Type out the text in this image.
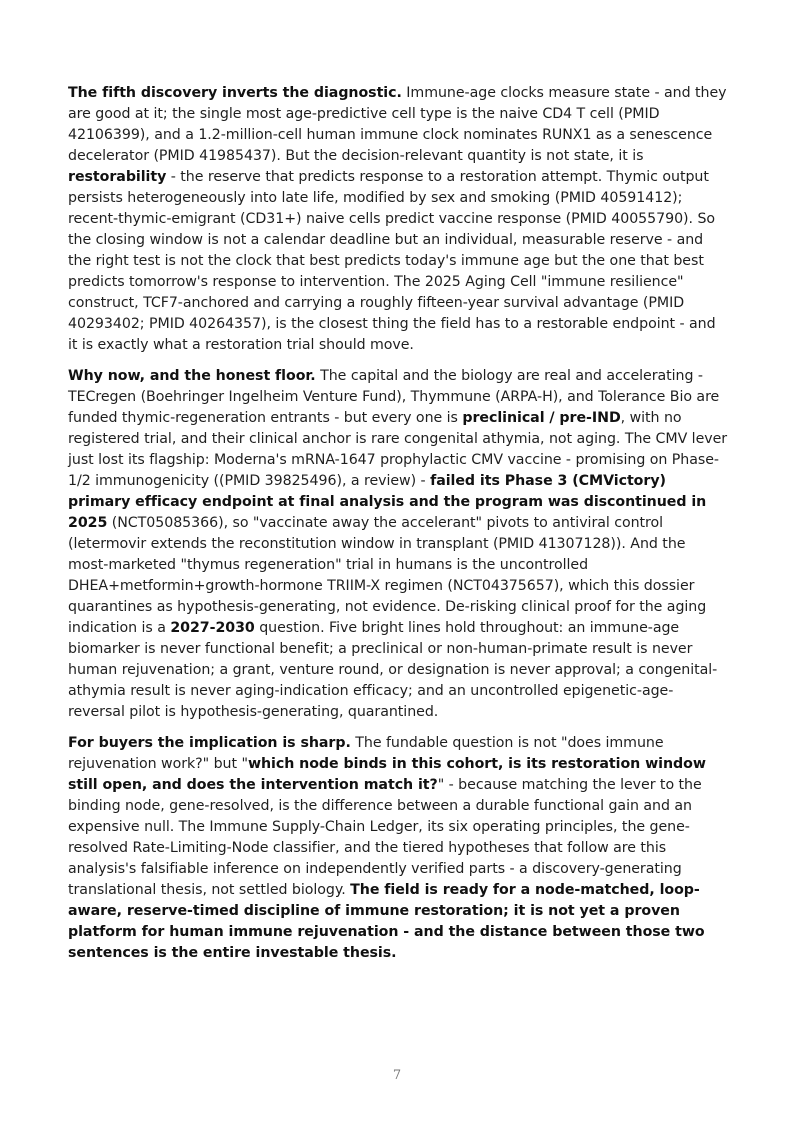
The fifth discovery inverts the diagnostic. Immune-age clocks measure state - and they are good at it; the single most age-predictive cell type is the naive CD4 T cell (PMID 42106399), and a 1.2-million-cell human immune clock nominates RUNX1 as a senescence decelerator (PMID 41985437). But the decision-relevant quantity is not state, it is restorability - the reserve that predicts response to a restoration attempt. Thymic output persists heterogeneously into late life, modified by sex and smoking (PMID 40591412); recent-thymic-emigrant (CD31+) naive cells predict vaccine response (PMID 40055790). So the closing window is not a calendar deadline but an individual, measurable reserve - and the right test is not the clock that best predicts today's immune age but the one that best predicts tomorrow's response to intervention. The 2025 Aging Cell "immune resilience" construct, TCF7-anchored and carrying a roughly fifteen-year survival advantage (PMID 40293402; PMID 40264357), is the closest thing the field has to a restorable endpoint - and it is exactly what a restoration trial should move.

Why now, and the honest floor. The capital and the biology are real and accelerating - TECregen (Boehringer Ingelheim Venture Fund), Thymmune (ARPA-H), and Tolerance Bio are funded thymic-regeneration entrants - but every one is preclinical / pre-IND, with no registered trial, and their clinical anchor is rare congenital athymia, not aging. The CMV lever just lost its flagship: Moderna's mRNA-1647 prophylactic CMV vaccine - promising on Phase-1/2 immunogenicity ((PMID 39825496), a review) - failed its Phase 3 (CMVictory) primary efficacy endpoint at final analysis and the program was discontinued in 2025 (NCT05085366), so "vaccinate away the accelerant" pivots to antiviral control (letermovir extends the reconstitution window in transplant (PMID 41307128)). And the most-marketed "thymus regeneration" trial in humans is the uncontrolled DHEA+metformin+growth-hormone TRIIM-X regimen (NCT04375657), which this dossier quarantines as hypothesis-generating, not evidence. De-risking clinical proof for the aging indication is a 2027-2030 question. Five bright lines hold throughout: an immune-age biomarker is never functional benefit; a preclinical or non-human-primate result is never human rejuvenation; a grant, venture round, or designation is never approval; a congenital-athymia result is never aging-indication efficacy; and an uncontrolled epigenetic-age-reversal pilot is hypothesis-generating, quarantined.

For buyers the implication is sharp. The fundable question is not "does immune rejuvenation work?" but "which node binds in this cohort, is its restoration window still open, and does the intervention match it?" - because matching the lever to the binding node, gene-resolved, is the difference between a durable functional gain and an expensive null. The Immune Supply-Chain Ledger, its six operating principles, the gene-resolved Rate-Limiting-Node classifier, and the tiered hypotheses that follow are this analysis's falsifiable inference on independently verified parts - a discovery-generating translational thesis, not settled biology. The field is ready for a node-matched, loop-aware, reserve-timed discipline of immune restoration; it is not yet a proven platform for human immune rejuvenation - and the distance between those two sentences is the entire investable thesis.

7
